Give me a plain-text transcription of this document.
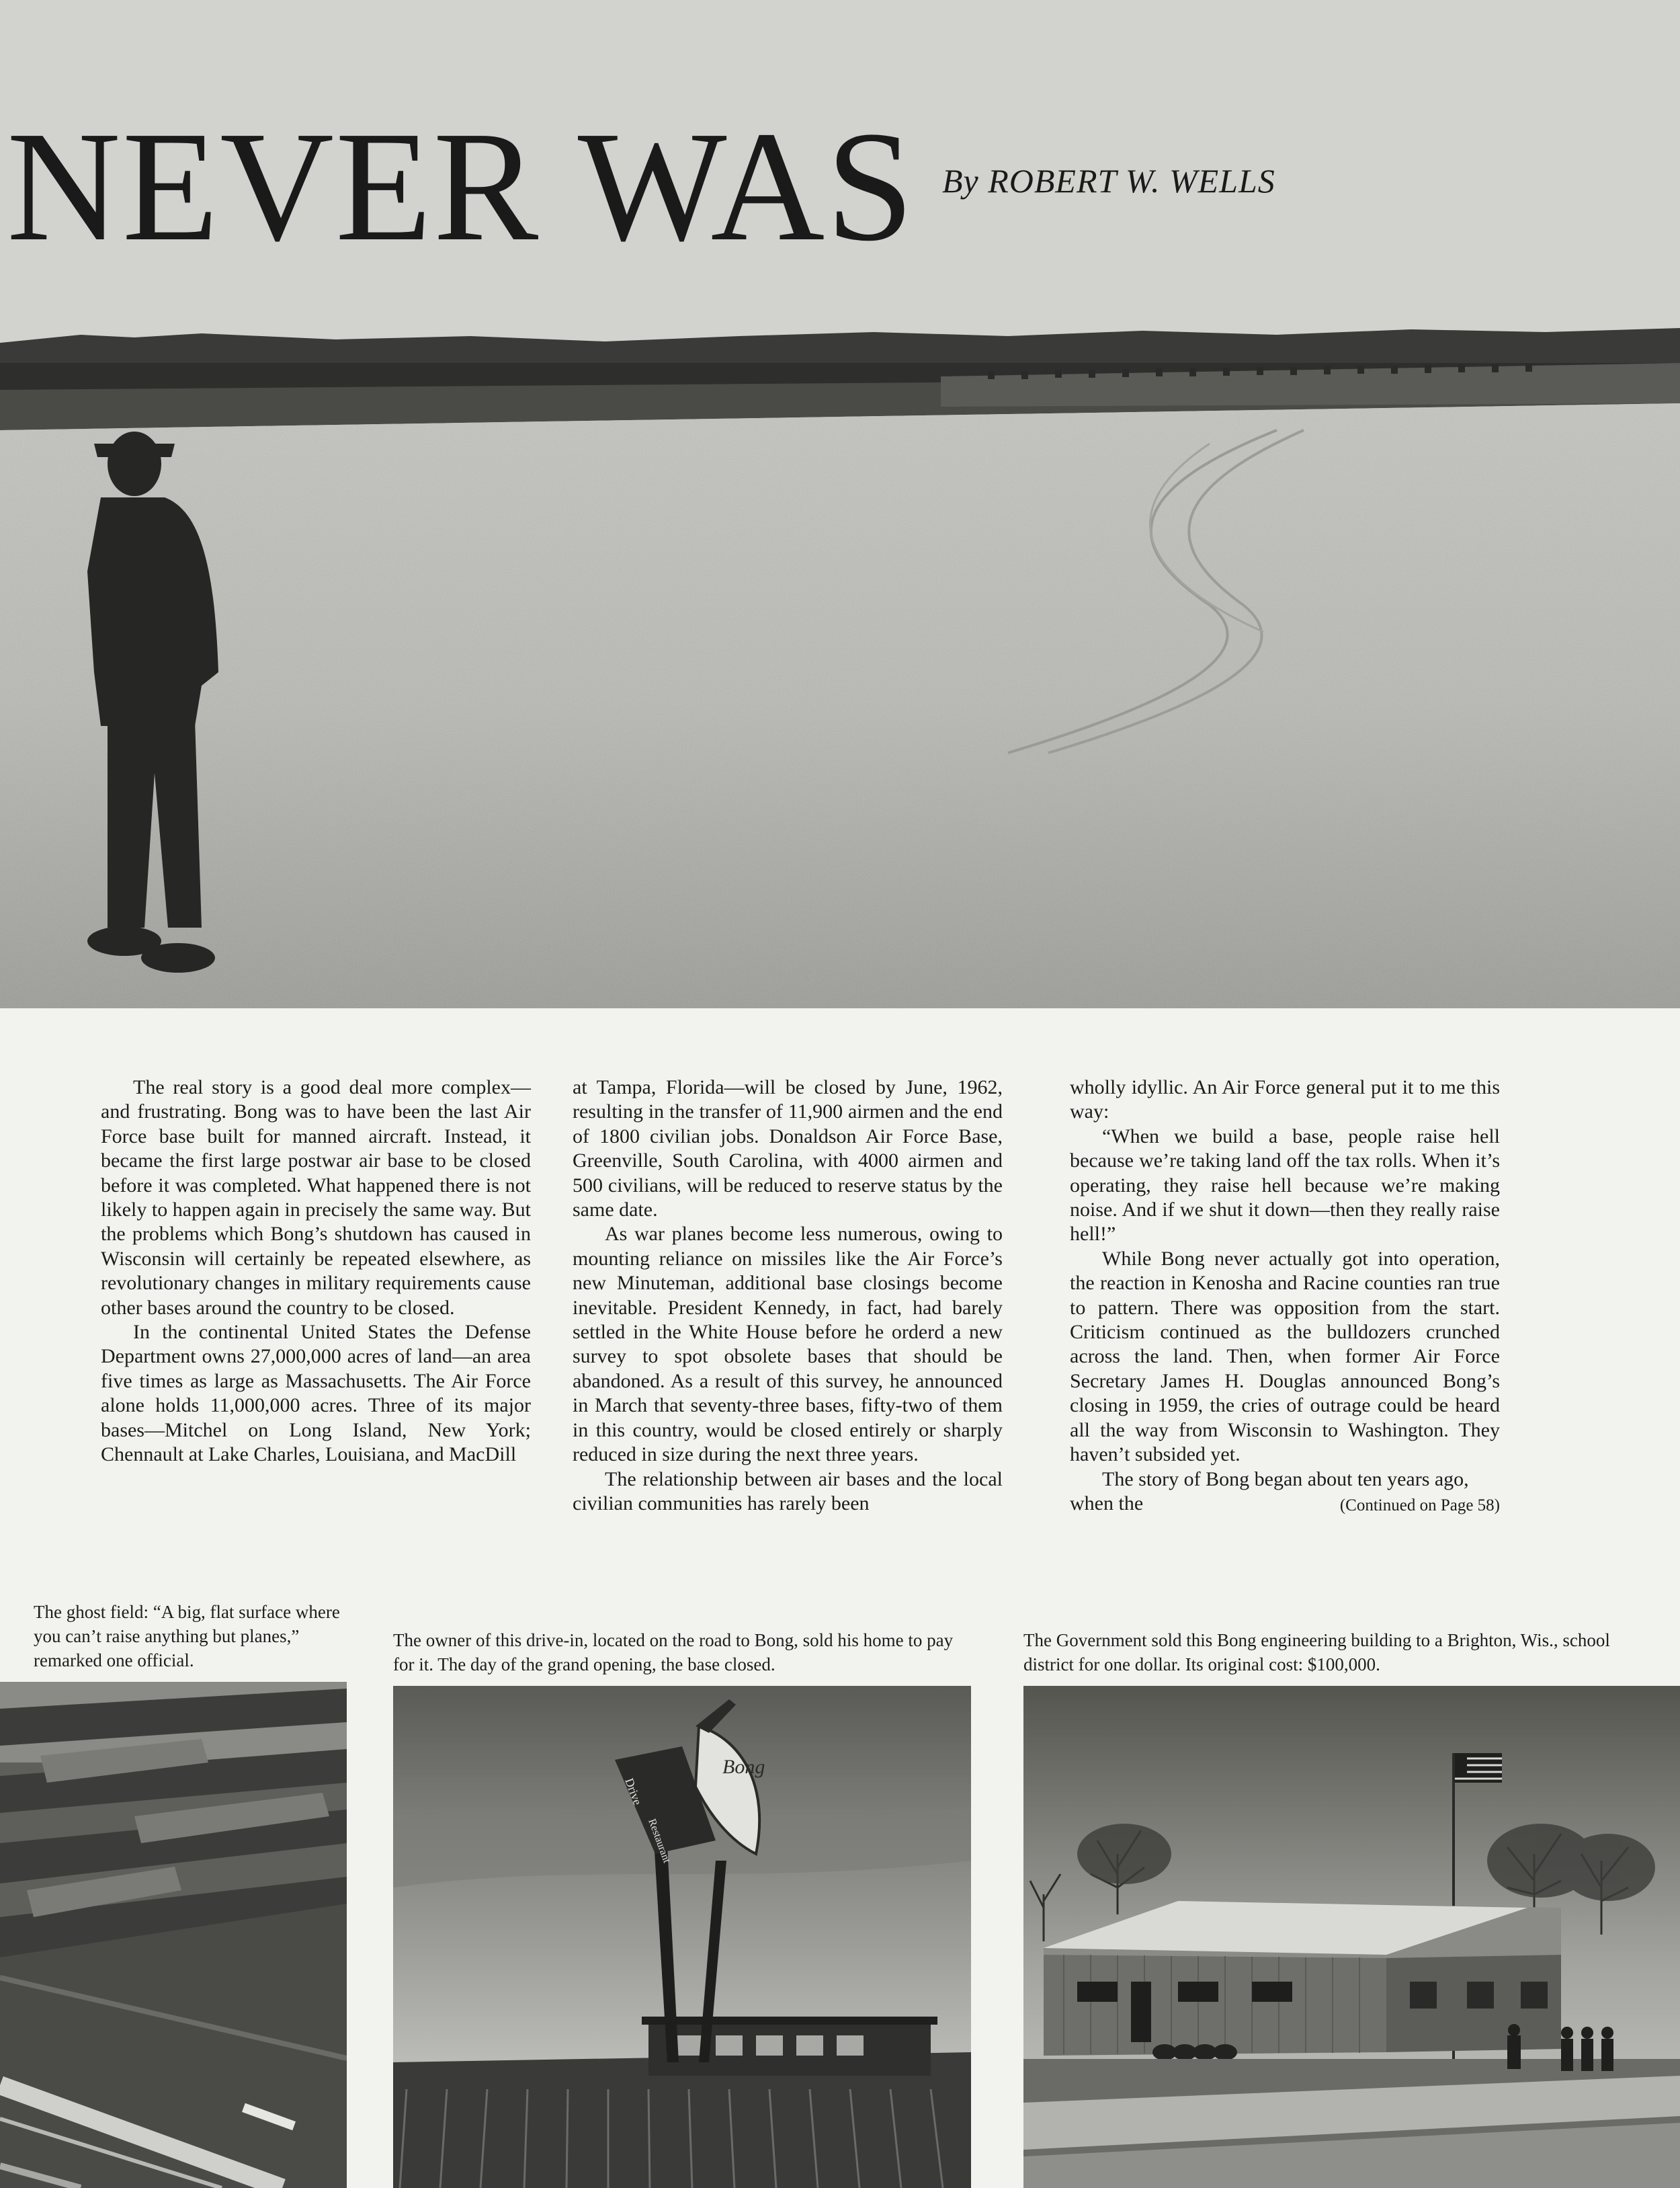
NEVER WAS By ROBERT W. WELLS

The real story is a good deal more complex—and frustrating. Bong was to have been the last Air Force base built for manned aircraft. Instead, it became the first large postwar air base to be closed before it was completed. What happened there is not likely to happen again in precisely the same way. But the problems which Bong’s shutdown has caused in Wisconsin will certainly be repeated elsewhere, as revolutionary changes in military requirements cause other bases around the country to be closed.

In the continental United States the Defense Department owns 27,000,000 acres of land—an area five times as large as Massachusetts. The Air Force alone holds 11,000,000 acres. Three of its major bases—Mitchel on Long Island, New York; Chennault at Lake Charles, Louisiana, and MacDill

at Tampa, Florida—will be closed by June, 1962, resulting in the transfer of 11,900 airmen and the end of 1800 civilian jobs. Donaldson Air Force Base, Greenville, South Carolina, with 4000 airmen and 500 civilians, will be reduced to reserve status by the same date.

As war planes become less numerous, owing to mounting reliance on missiles like the Air Force’s new Minuteman, additional base closings become inevitable. President Kennedy, in fact, had barely settled in the White House before he orderd a new survey to spot obsolete bases that should be abandoned. As a result of this survey, he announced in March that seventy-three bases, fifty-two of them in this country, would be closed entirely or sharply reduced in size during the next three years.

The relationship between air bases and the local civilian communities has rarely been

wholly idyllic. An Air Force general put it to me this way:

“When we build a base, people raise hell because we’re taking land off the tax rolls. When it’s operating, they raise hell because we’re making noise. And if we shut it down—then they really raise hell!”

While Bong never actually got into operation, the reaction in Kenosha and Racine counties ran true to pattern. There was opposition from the start. Criticism continued as the bulldozers crunched across the land. Then, when former Air Force Secretary James H. Douglas announced Bong’s closing in 1959, the cries of outrage could be heard all the way from Wisconsin to Washington. They haven’t subsided yet.

The story of Bong began about ten years ago, when the	(Continued on Page 58)

The ghost field: “A big, flat surface where you can’t raise anything but planes,” remarked one official.
The owner of this drive-in, located on the road to Bong, sold his home to pay for it. The day of the grand opening, the base closed.
The Government sold this Bong engineering building to a Brighton, Wis., school district for one dollar. Its original cost: $100,000.
Bong
Drive
Restaurant
